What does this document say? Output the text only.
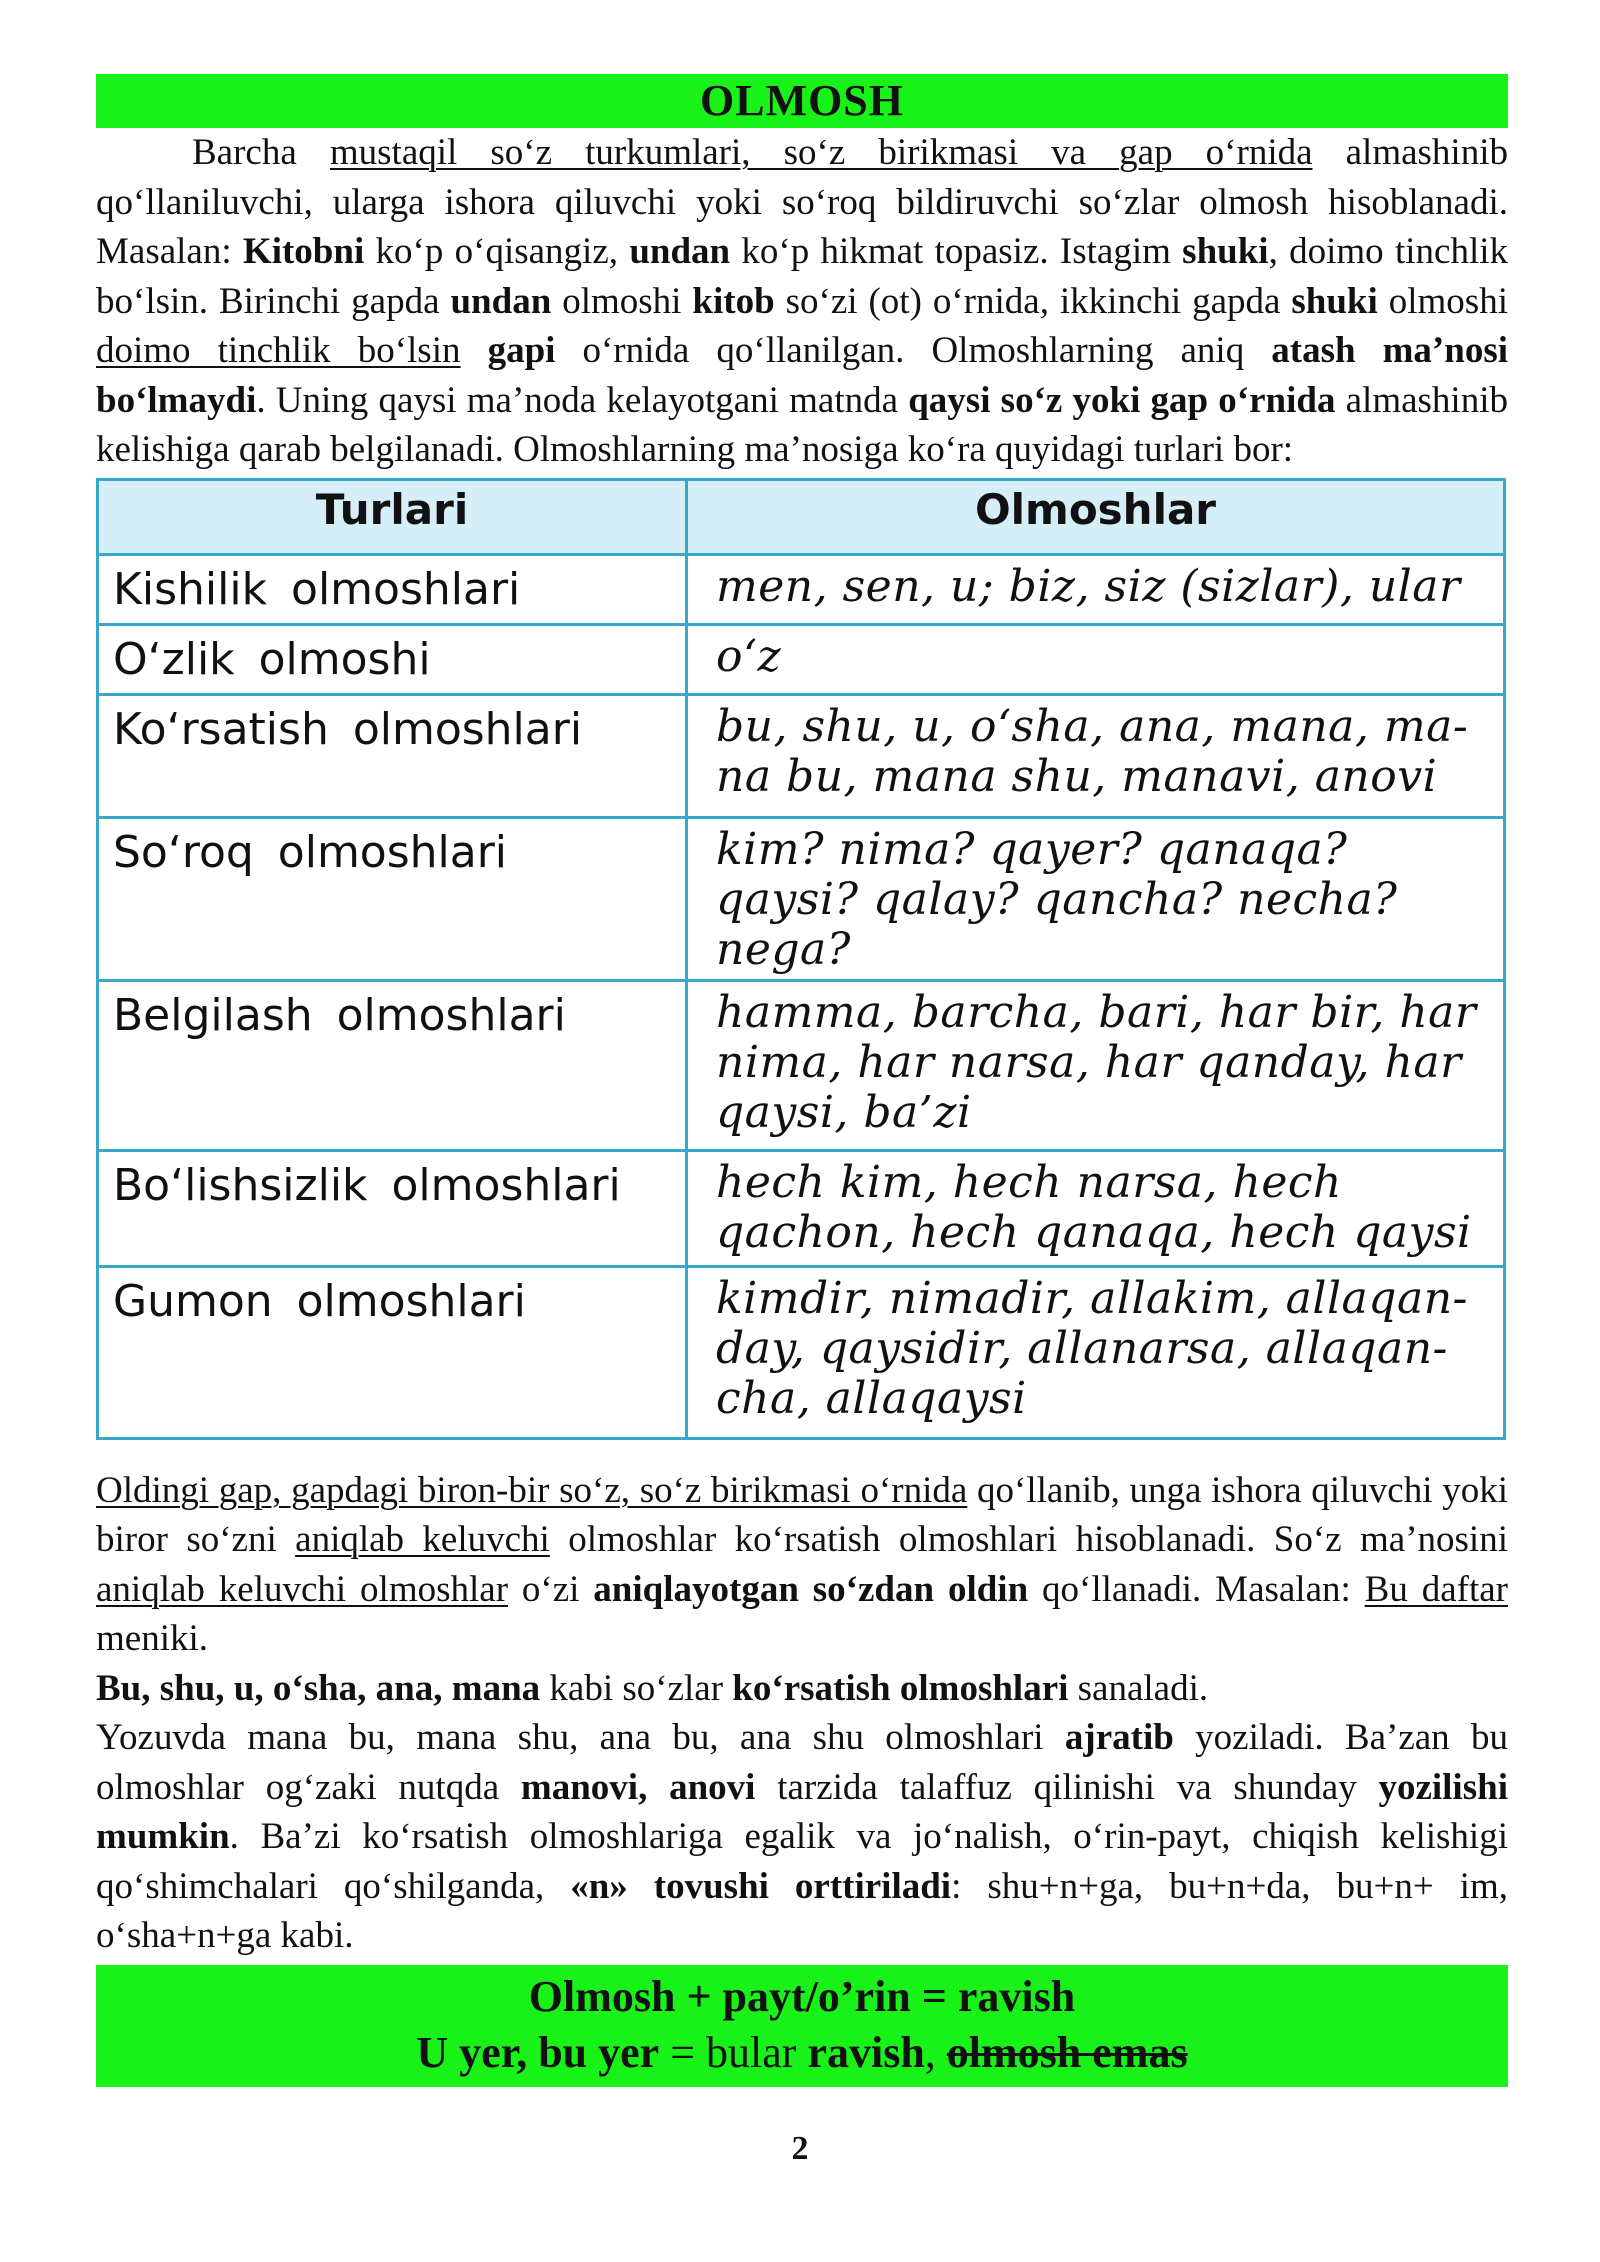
OLMOSH

Barcha mustaqil so‘z turkumlari, so‘z birikmasi va gap o‘rnida almashinib qo‘llaniluvchi, ularga ishora qiluvchi yoki so‘roq bildiruvchi so‘zlar olmosh hisoblanadi. Masalan: Kitobni ko‘p o‘qisangiz, undan ko‘p hikmat topasiz. Istagim shuki, doimo tinchlik bo‘lsin. Birinchi gapda undan olmoshi kitob so‘zi (ot) o‘rnida, ikkinchi gapda shuki olmoshi doimo tinchlik bo‘lsin gapi o‘rnida qo‘llanilgan. Olmoshlarning aniq atash ma’nosi bo‘lmaydi. Uning qaysi ma’noda kelayotgani matnda qaysi so‘z yoki gap o‘rnida almashinib kelishiga qarab belgilanadi. Olmoshlarning ma’nosiga ko‘ra quyidagi turlari bor:

Turlari	Olmoshlar
Kishilik olmoshlari	men, sen, u; biz, siz (sizlar), ular
O‘zlik olmoshi	o‘z
Ko‘rsatish olmoshlari	bu, shu, u, o‘sha, ana, mana, ma-na bu, mana shu, manavi, anovi
So‘roq olmoshlari	kim? nima? qayer? qanaqa? qaysi? qalay? qancha? necha? nega?
Belgilash olmoshlari	hamma, barcha, bari, har bir, har nima, har narsa, har qanday, har qaysi, ba’zi
Bo‘lishsizlik olmoshlari	hech kim, hech narsa, hech qachon, hech qanaqa, hech qaysi
Gumon olmoshlari	kimdir, nimadir, allakim, allaqan-day, qaysidir, allanarsa, allaqan-cha, allaqaysi

Oldingi gap, gapdagi biron-bir so‘z, so‘z birikmasi o‘rnida qo‘llanib, unga ishora qiluvchi yoki biror so‘zni aniqlab keluvchi olmoshlar ko‘rsatish olmoshlari hisoblanadi. So‘z ma’nosini aniqlab keluvchi olmoshlar o‘zi aniqlayotgan so‘zdan oldin qo‘llanadi. Masalan: Bu daftar meniki.

Bu, shu, u, o‘sha, ana, mana kabi so‘zlar ko‘rsatish olmoshlari sanaladi.

Yozuvda mana bu, mana shu, ana bu, ana shu olmoshlari ajratib yoziladi. Ba’zan bu olmoshlar og‘zaki nutqda manovi, anovi tarzida talaffuz qilinishi va shunday yozilishi mumkin. Ba’zi ko‘rsatish olmoshlariga egalik va jo‘nalish, o‘rin-payt, chiqish kelishigi qo‘shimchalari qo‘shilganda, «n» tovushi orttiriladi: shu+n+ga, bu+n+da, bu+n+ im, o‘sha+n+ga kabi.

Olmosh + payt/o’rin = ravish
U yer, bu yer = bular ravish, olmosh emas
2
